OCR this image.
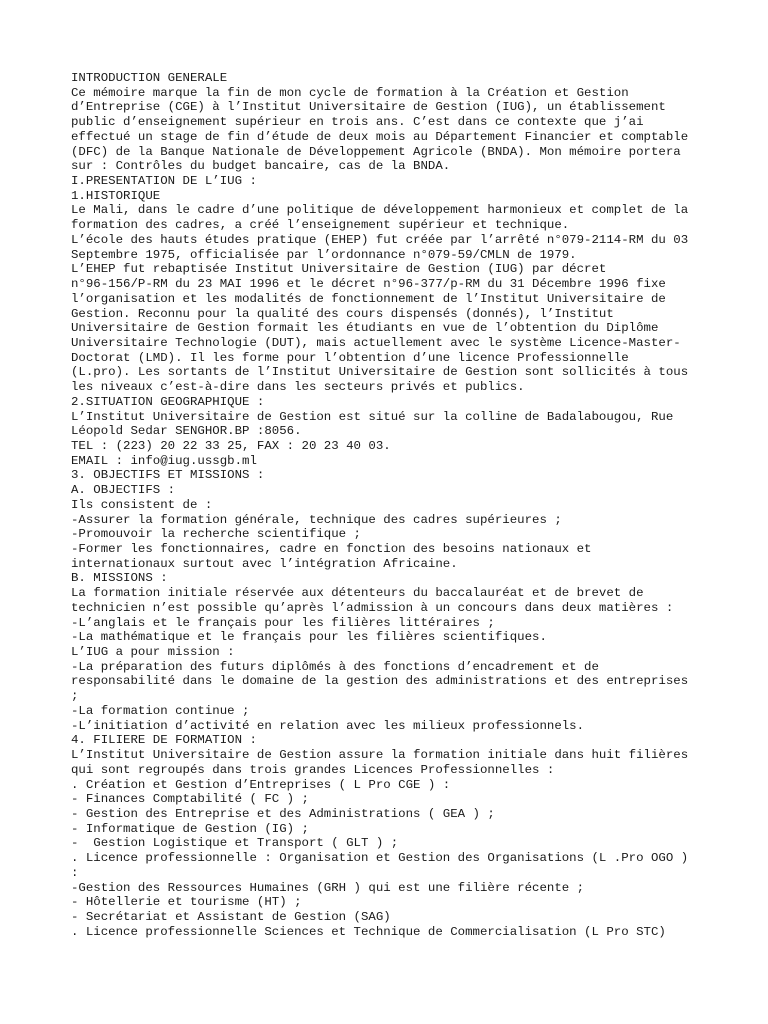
INTRODUCTION GENERALE
Ce mémoire marque la fin de mon cycle de formation à la Création et Gestion
d’Entreprise (CGE) à l’Institut Universitaire de Gestion (IUG), un établissement
public d’enseignement supérieur en trois ans. C’est dans ce contexte que j’ai
effectué un stage de fin d’étude de deux mois au Département Financier et comptable
(DFC) de la Banque Nationale de Développement Agricole (BNDA). Mon mémoire portera
sur : Contrôles du budget bancaire, cas de la BNDA.
I.PRESENTATION DE L’IUG :
1.HISTORIQUE
Le Mali, dans le cadre d’une politique de développement harmonieux et complet de la
formation des cadres, a créé l’enseignement supérieur et technique.
L’école des hauts études pratique (EHEP) fut créée par l’arrêté n°079-2114-RM du 03
Septembre 1975, officialisée par l’ordonnance n°079-59/CMLN de 1979.
L’EHEP fut rebaptisée Institut Universitaire de Gestion (IUG) par décret
n°96-156/P-RM du 23 MAI 1996 et le décret n°96-377/p-RM du 31 Décembre 1996 fixe
l’organisation et les modalités de fonctionnement de l’Institut Universitaire de
Gestion. Reconnu pour la qualité des cours dispensés (donnés), l’Institut
Universitaire de Gestion formait les étudiants en vue de l’obtention du Diplôme
Universitaire Technologie (DUT), mais actuellement avec le système Licence-Master-
Doctorat (LMD). Il les forme pour l’obtention d’une licence Professionnelle
(L.pro). Les sortants de l’Institut Universitaire de Gestion sont sollicités à tous
les niveaux c’est-à-dire dans les secteurs privés et publics.
2.SITUATION GEOGRAPHIQUE :
L’Institut Universitaire de Gestion est situé sur la colline de Badalabougou, Rue
Léopold Sedar SENGHOR.BP :8056.
TEL : (223) 20 22 33 25, FAX : 20 23 40 03.
EMAIL : info@iug.ussgb.ml
3. OBJECTIFS ET MISSIONS :
A. OBJECTIFS :
Ils consistent de :
-Assurer la formation générale, technique des cadres supérieures ;
-Promouvoir la recherche scientifique ;
-Former les fonctionnaires, cadre en fonction des besoins nationaux et
internationaux surtout avec l’intégration Africaine.
B. MISSIONS :
La formation initiale réservée aux détenteurs du baccalauréat et de brevet de
technicien n’est possible qu’après l’admission à un concours dans deux matières :
-L’anglais et le français pour les filières littéraires ;
-La mathématique et le français pour les filières scientifiques.
L’IUG a pour mission :
-La préparation des futurs diplômés à des fonctions d’encadrement et de
responsabilité dans le domaine de la gestion des administrations et des entreprises
;
-La formation continue ;
-L’initiation d’activité en relation avec les milieux professionnels.
4. FILIERE DE FORMATION :
L’Institut Universitaire de Gestion assure la formation initiale dans huit filières
qui sont regroupés dans trois grandes Licences Professionnelles :
. Création et Gestion d’Entreprises ( L Pro CGE ) :
- Finances Comptabilité ( FC ) ;
- Gestion des Entreprise et des Administrations ( GEA ) ;
- Informatique de Gestion (IG) ;
-  Gestion Logistique et Transport ( GLT ) ;
. Licence professionnelle : Organisation et Gestion des Organisations (L .Pro OGO )
:
-Gestion des Ressources Humaines (GRH ) qui est une filière récente ;
- Hôtellerie et tourisme (HT) ;
- Secrétariat et Assistant de Gestion (SAG)
. Licence professionnelle Sciences et Technique de Commercialisation (L Pro STC)
